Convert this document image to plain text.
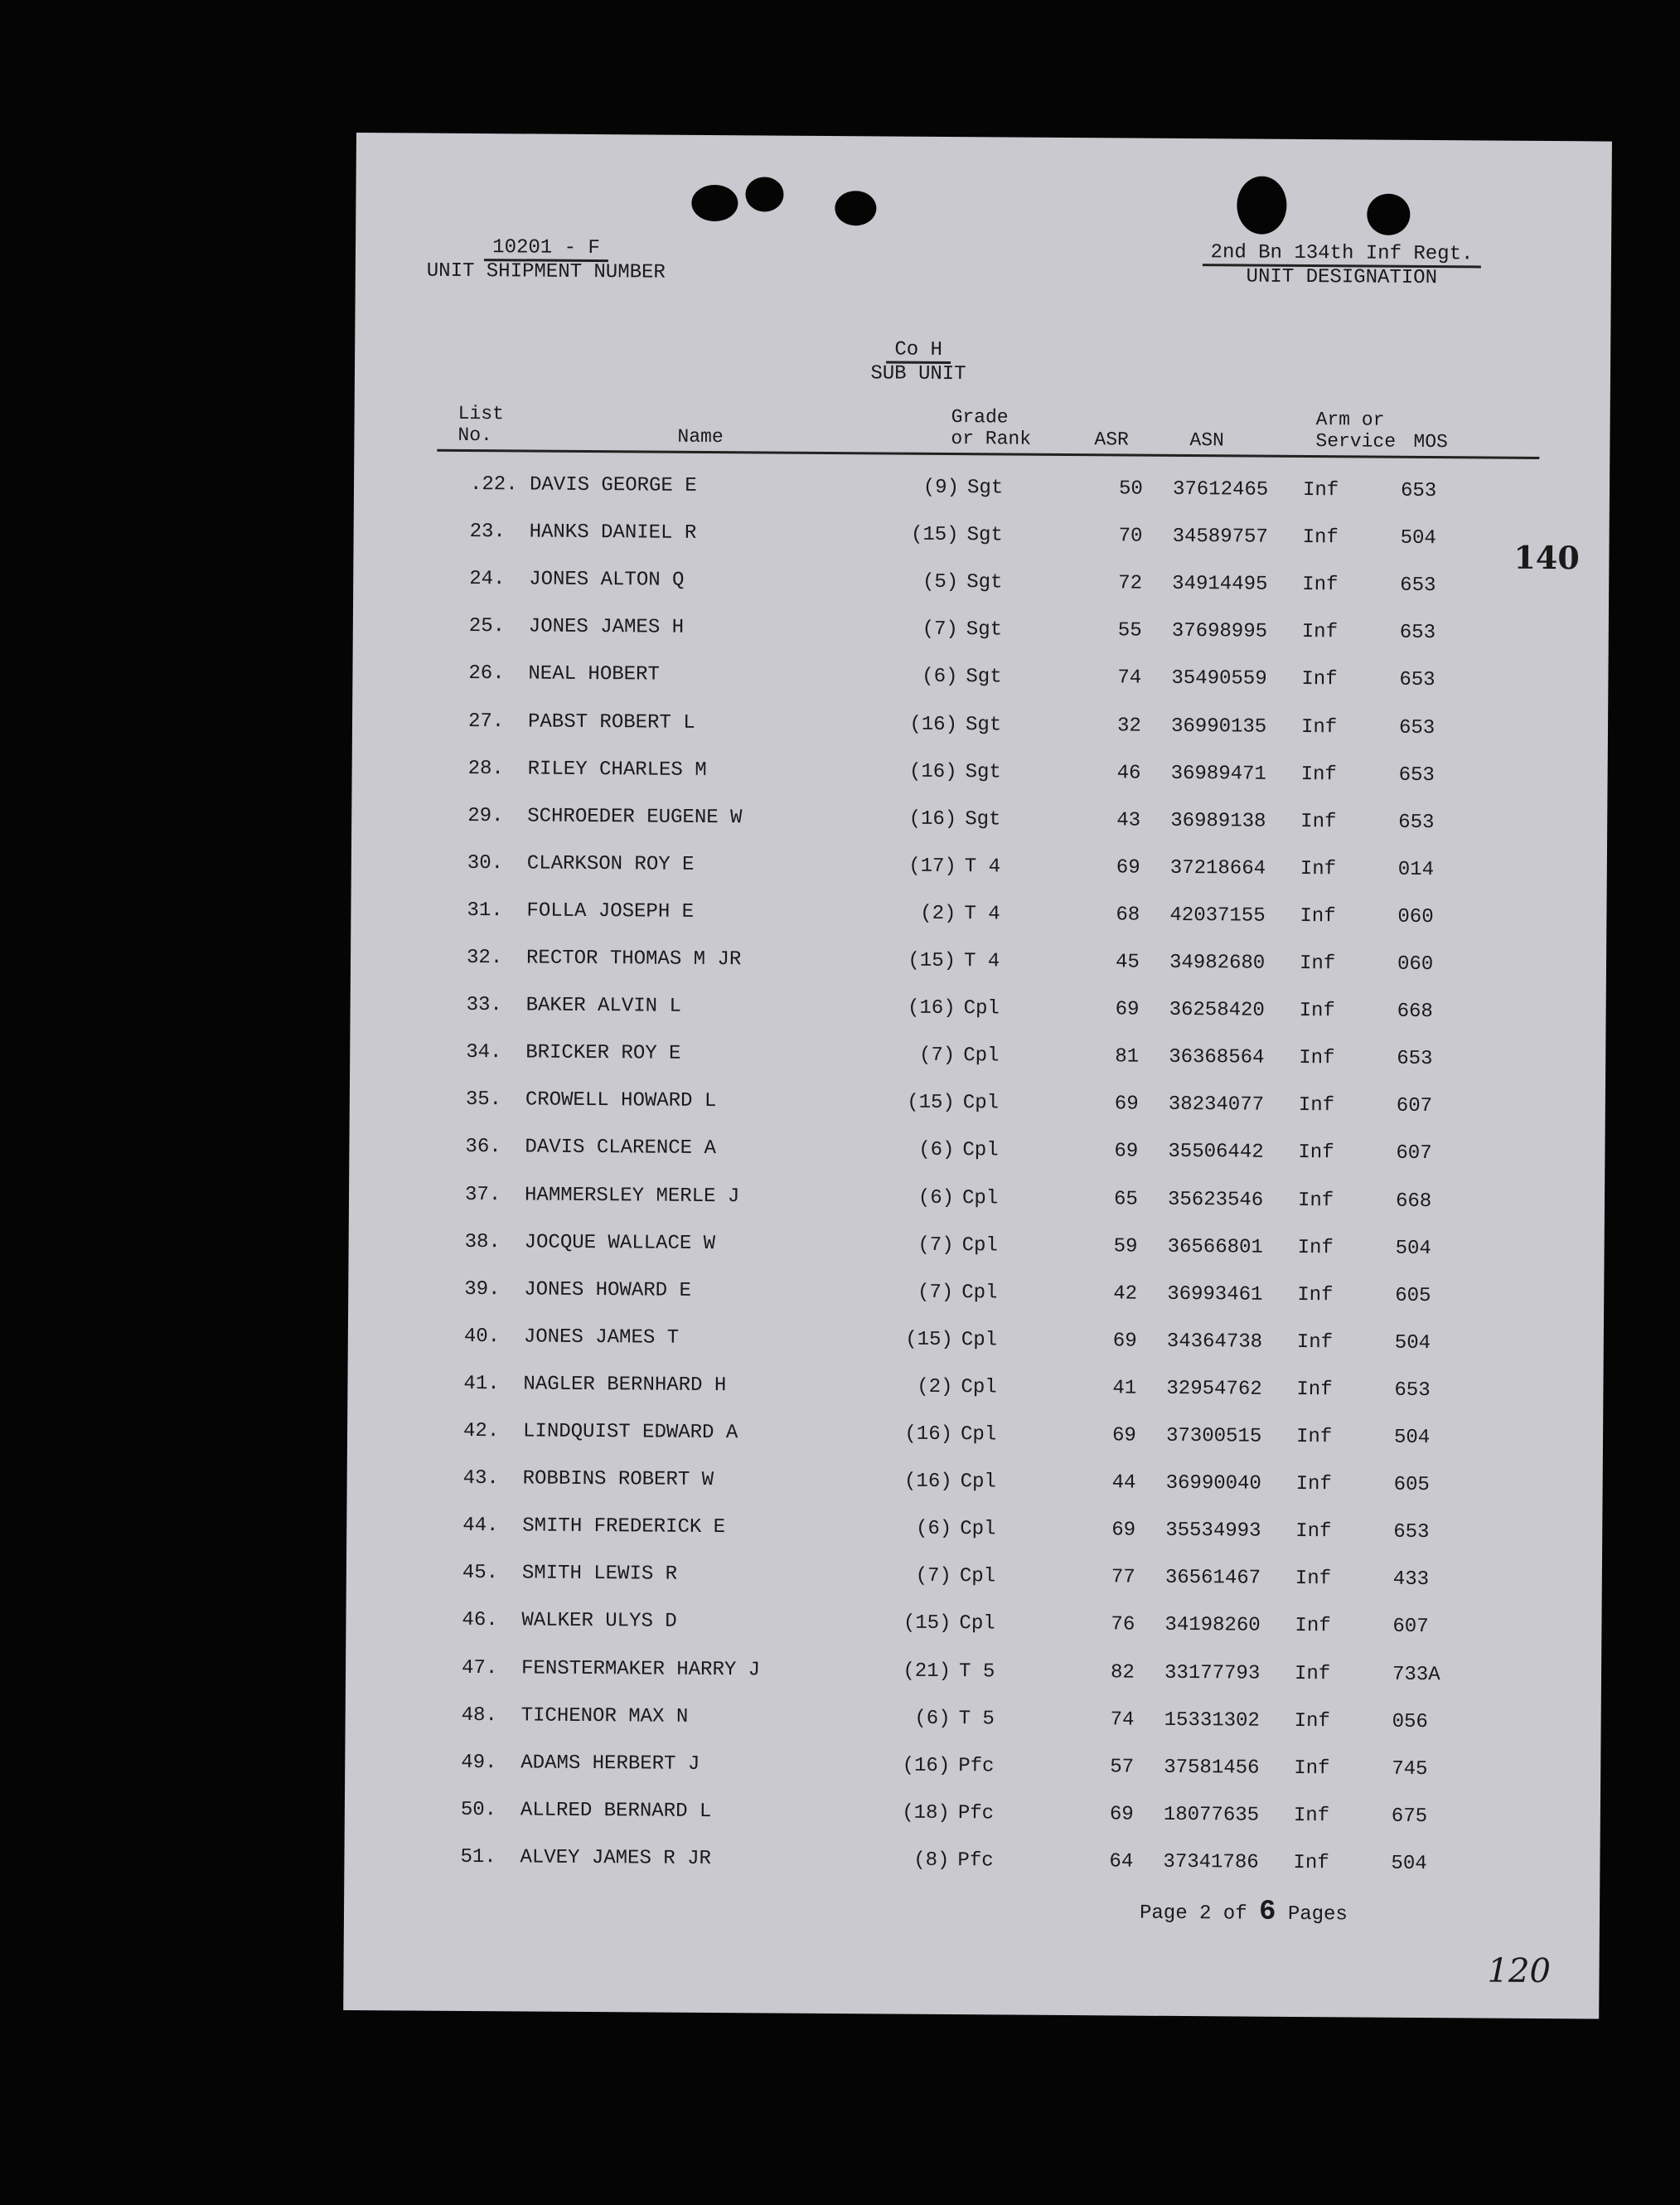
10201 - F
UNIT SHIPMENT NUMBER
2nd Bn 134th Inf Regt.
UNIT DESIGNATION
Co H
SUB UNIT
List
No.	Name
Grade
or Rank	ASR	ASN
Arm or
Service MOS
.22. DAVIS GEORGE E	(9) Sgt	50 37612465 Inf	653
23. HANKS DANIEL R	(15) Sgt	70 34589757 Inf	504
24. JONES ALTON Q	(5) Sgt	72 34914495 Inf	653
25. JONES JAMES H	(7) Sgt	55 37698995 Inf	653
26. NEAL HOBERT	(6) Sgt	74 35490559 Inf	653
27. PABST ROBERT L	(16) Sgt	32 36990135 Inf	653
28. RILEY CHARLES M	(16) Sgt	46 36989471 Inf	653
29. SCHROEDER EUGENE W	(16) Sgt	43 36989138 Inf	653
30. CLARKSON ROY E	(17) T 4	69 37218664 Inf	014
31. FOLLA JOSEPH E	(2) T 4	68 42037155 Inf	060
32. RECTOR THOMAS M JR	(15) T 4	45 34982680 Inf	060
33. BAKER ALVIN L	(16) Cpl	69 36258420 Inf	668
34. BRICKER ROY E	(7) Cpl	81 36368564 Inf	653
35. CROWELL HOWARD L	(15) Cpl	69 38234077 Inf	607
36. DAVIS CLARENCE A	(6) Cpl	69 35506442 Inf	607
37. HAMMERSLEY MERLE J	(6) Cpl	65 35623546 Inf	668
38. JOCQUE WALLACE W	(7) Cpl	59 36566801 Inf	504
39. JONES HOWARD E	(7) Cpl	42 36993461 Inf	605
40. JONES JAMES T	(15) Cpl	69 34364738 Inf	504
41. NAGLER BERNHARD H	(2) Cpl	41 32954762 Inf	653
42. LINDQUIST EDWARD A	(16) Cpl	69 37300515 Inf	504
43. ROBBINS ROBERT W	(16) Cpl	44 36990040 Inf	605
44. SMITH FREDERICK E	(6) Cpl	69 35534993 Inf	653
45. SMITH LEWIS R	(7) Cpl	77 36561467 Inf	433
46. WALKER ULYS D	(15) Cpl	76 34198260 Inf	607
47. FENSTERMAKER HARRY J	(21) T 5	82 33177793 Inf	733A
48. TICHENOR MAX N	(6) T 5	74 15331302 Inf	056
49. ADAMS HERBERT J	(16) Pfc	57 37581456 Inf	745
50. ALLRED BERNARD L	(18) Pfc	69 18077635 Inf	675
51. ALVEY JAMES R JR	(8) Pfc	64 37341786 Inf	504
140
Page 2 of 6 Pages
120
